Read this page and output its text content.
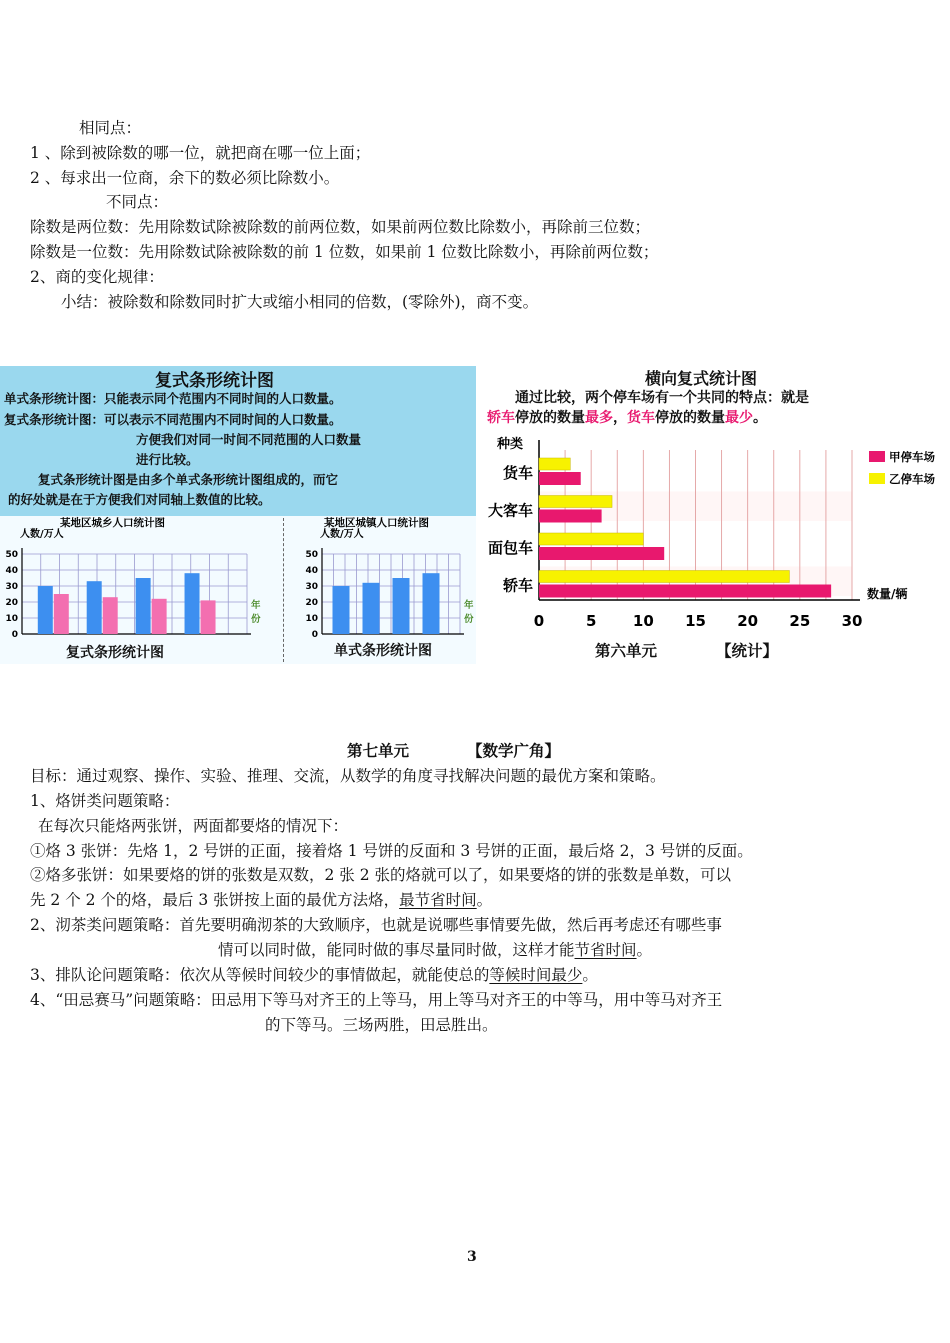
相同点：
1 、除到被除数的哪一位，就把商在哪一位上面；
2 、每求出一位商，余下的数必须比除数小。
不同点：
除数是两位数：先用除数试除被除数的前两位数，如果前两位数比除数小，再除前三位数；
除数是一位数：先用除数试除被除数的前 1 位数，如果前 1 位数比除数小，再除前两位数；
2、商的变化规律：
小结：被除数和除数同时扩大或缩小相同的倍数，(零除外)，商不变。
复式条形统计图
单式条形统计图：只能表示同个范围内不同时间的人口数量。
复式条形统计图：可以表示不同范围内不同时间的人口数量。
方便我们对同一时间不同范围的人口数量
进行比较。
复式条形统计图是由多个单式条形统计图组成的，而它
的好处就是在于方便我们对同轴上数值的比较。
某地区城乡人口统计图
人数/万人
0
10
20
30
40
50
年
份
某地区城镇人口统计图
人数/万人
0
10
20
30
40
50
年
份
复式条形统计图	单式条形统计图
横向复式统计图
通过比较，两个停车场有一个共同的特点：就是
轿车停放的数量最多，货车停放的数量最少。
货车
大客车
面包车
轿车
种类
0	5 10 15 20 25 30
数量/辆
甲停车场
乙停车场
第六单元	【统计】
第七单元	【数学广角】
目标：通过观察、操作、实验、推理、交流，从数学的角度寻找解决问题的最优方案和策略。
1、烙饼类问题策略：
在每次只能烙两张饼，两面都要烙的情况下：
①烙 3 张饼：先烙 1，2 号饼的正面，接着烙 1 号饼的反面和 3 号饼的正面，最后烙 2，3 号饼的反面。
②烙多张饼：如果要烙的饼的张数是双数，2 张 2 张的烙就可以了，如果要烙的饼的张数是单数，可以
先 2 个 2 个的烙，最后 3 张饼按上面的最优方法烙，最节省时间。
2、沏茶类问题策略：首先要明确沏茶的大致顺序，也就是说哪些事情要先做，然后再考虑还有哪些事
情可以同时做，能同时做的事尽量同时做，这样才能节省时间。
3、排队论问题策略：依次从等候时间较少的事情做起，就能使总的等候时间最少。
4、“田忌赛马”问题策略：田忌用下等马对齐王的上等马，用上等马对齐王的中等马，用中等马对齐王
的下等马。三场两胜，田忌胜出。
3
